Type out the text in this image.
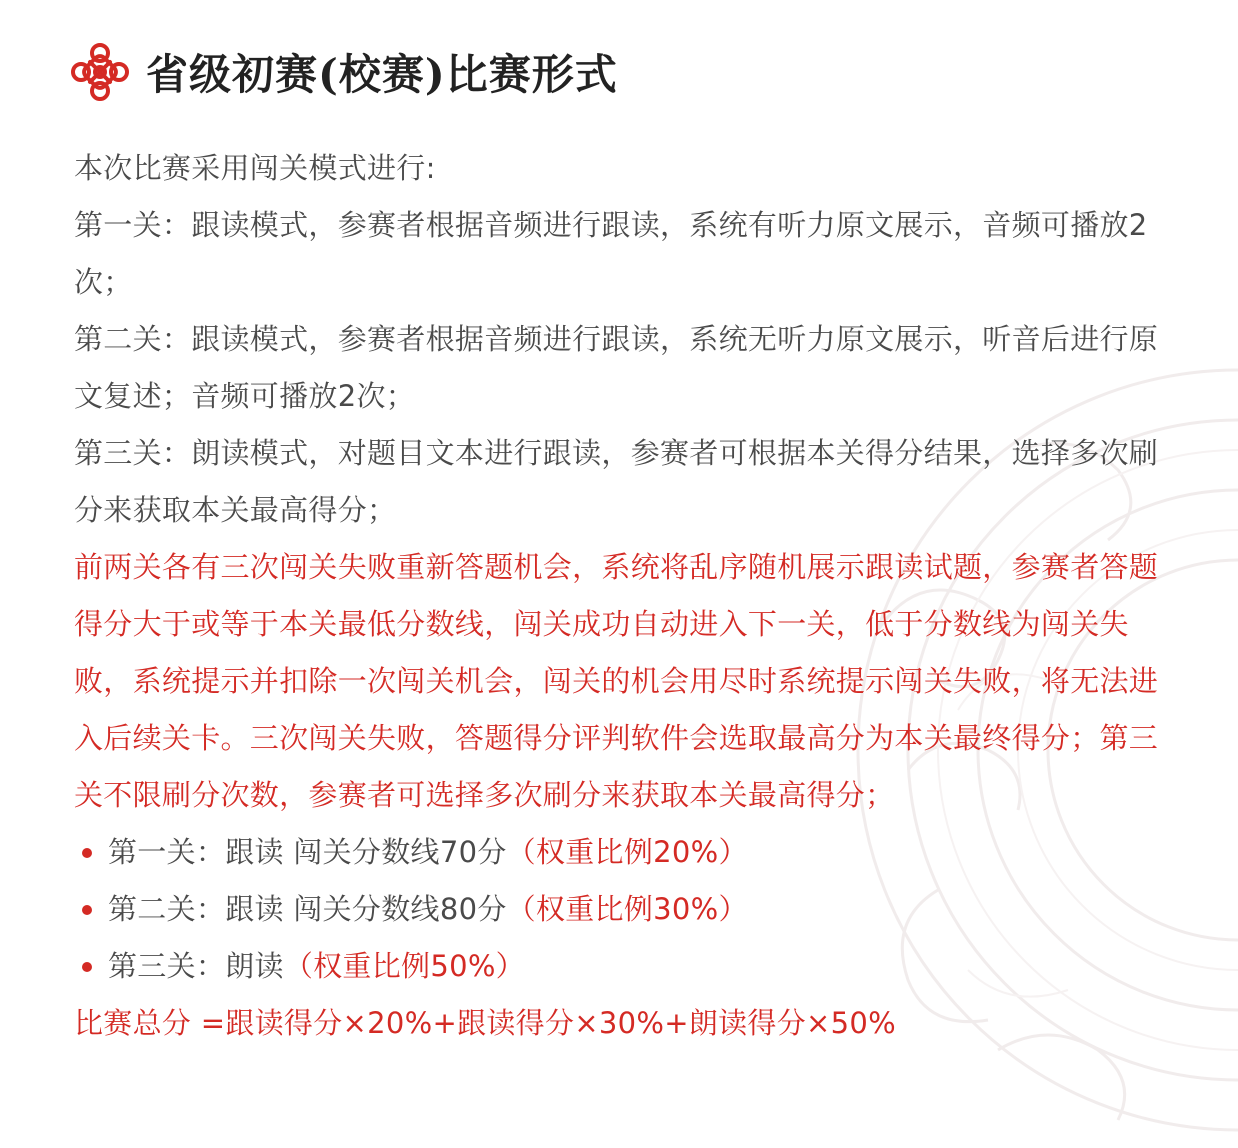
省级初赛(校赛)比赛形式

本次比赛采用闯关模式进行:

第一关：跟读模式，参赛者根据音频进行跟读，系统有听力原文展示，音频可播放2次；

第二关：跟读模式，参赛者根据音频进行跟读，系统无听力原文展示，听音后进行原文复述；音频可播放2次；

第三关：朗读模式，对题目文本进行跟读，参赛者可根据本关得分结果，选择多次刷分来获取本关最高得分；

前两关各有三次闯关失败重新答题机会，系统将乱序随机展示跟读试题，参赛者答题得分大于或等于本关最低分数线，闯关成功自动进入下一关，低于分数线为闯关失败，系统提示并扣除一次闯关机会，闯关的机会用尽时系统提示闯关失败，将无法进入后续关卡。三次闯关失败，答题得分评判软件会选取最高分为本关最终得分；第三关不限刷分次数，参赛者可选择多次刷分来获取本关最高得分；

第一关：跟读 闯关分数线70分 （权重比例20%）
第二关：跟读 闯关分数线80分 （权重比例30%）
第三关：朗读 （权重比例50%）

比赛总分 =跟读得分×20%+跟读得分×30%+朗读得分×50%
